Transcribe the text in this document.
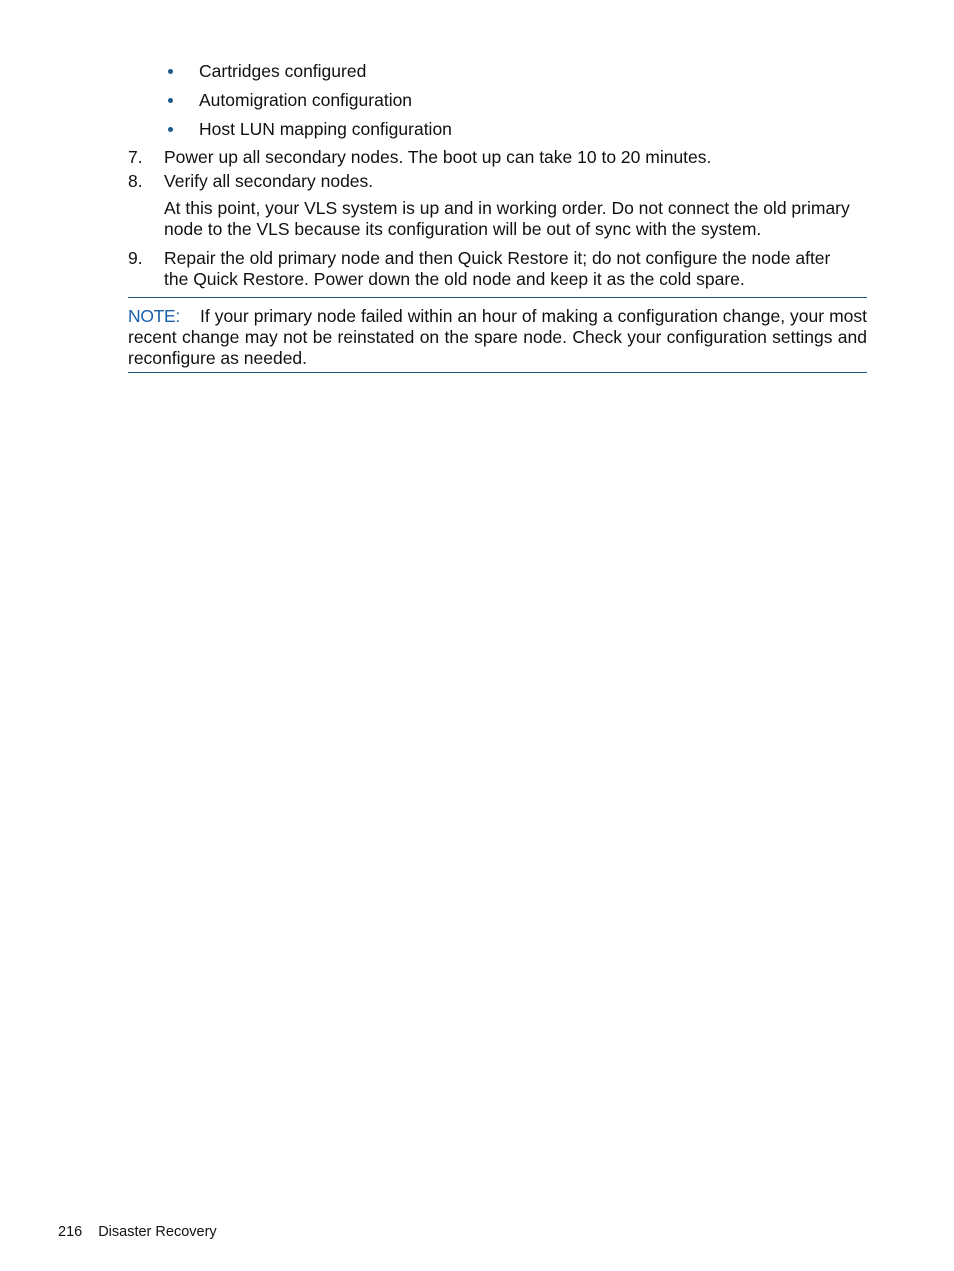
Cartridges configured
Automigration configuration
Host LUN mapping configuration
7.	Power up all secondary nodes. The boot up can take 10 to 20 minutes.
8.	Verify all secondary nodes.
At this point, your VLS system is up and in working order. Do not connect the old primary node to the VLS because its configuration will be out of sync with the system.
9.	Repair the old primary node and then Quick Restore it; do not configure the node after the Quick Restore. Power down the old node and keep it as the cold spare.
NOTE: If your primary node failed within an hour of making a configuration change, your most recent change may not be reinstated on the spare node. Check your configuration settings and reconfigure as needed.
216 Disaster Recovery
